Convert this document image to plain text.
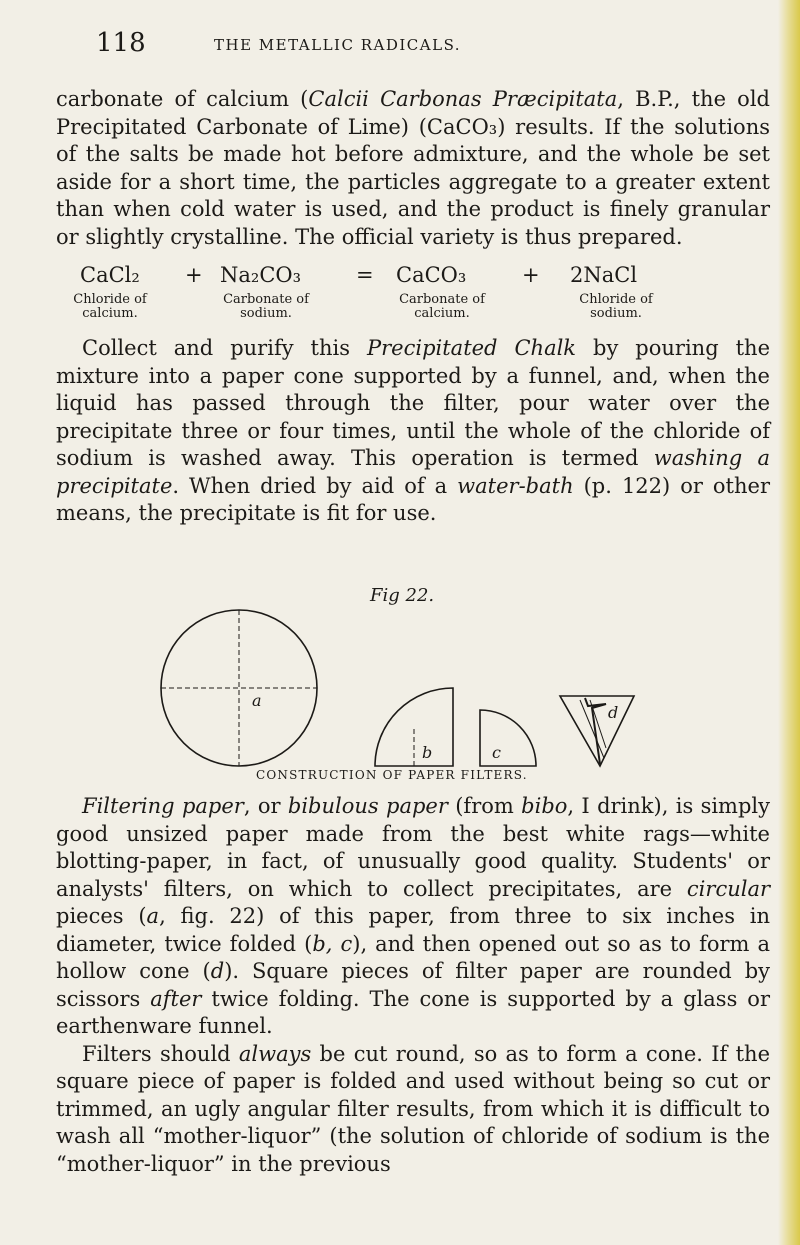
118	THE METALLIC RADICALS.

carbonate of calcium (Calcii Carbonas Præcipitata, B.P., the old Precipitated Carbonate of Lime) (CaCO₃) results. If the solutions of the salts be made hot before admixture, and the whole be set aside for a short time, the particles aggregate to a greater extent than when cold water is used, and the product is finely granular or slightly crystalline. The official variety is thus prepared.

CaCl₂ + Na₂CO₃	= CaCO₃	+ 2NaCl
Chloride of calcium.
Carbonate of sodium.
Carbonate of calcium.
Chloride of sodium.

Collect and purify this Precipitated Chalk by pouring the mixture into a paper cone supported by a funnel, and, when the liquid has passed through the filter, pour water over the precipitate three or four times, until the whole of the chloride of sodium is washed away. This operation is termed washing a precipitate. When dried by aid of a water-bath (p. 122) or other means, the precipitate is fit for use.

Fig 22.
a
b	c
d
CONSTRUCTION OF PAPER FILTERS.

Filtering paper, or bibulous paper (from bibo, I drink), is simply good unsized paper made from the best white rags—white blotting-paper, in fact, of unusually good quality. Students' or analysts' filters, on which to collect precipitates, are circular pieces (a, fig. 22) of this paper, from three to six inches in diameter, twice folded (b, c), and then opened out so as to form a hollow cone (d). Square pieces of filter paper are rounded by scissors after twice folding. The cone is supported by a glass or earthenware funnel.

Filters should always be cut round, so as to form a cone. If the square piece of paper is folded and used without being so cut or trimmed, an ugly angular filter results, from which it is difficult to wash all “mother-liquor” (the solution of chloride of sodium is the “mother-liquor” in the previous
